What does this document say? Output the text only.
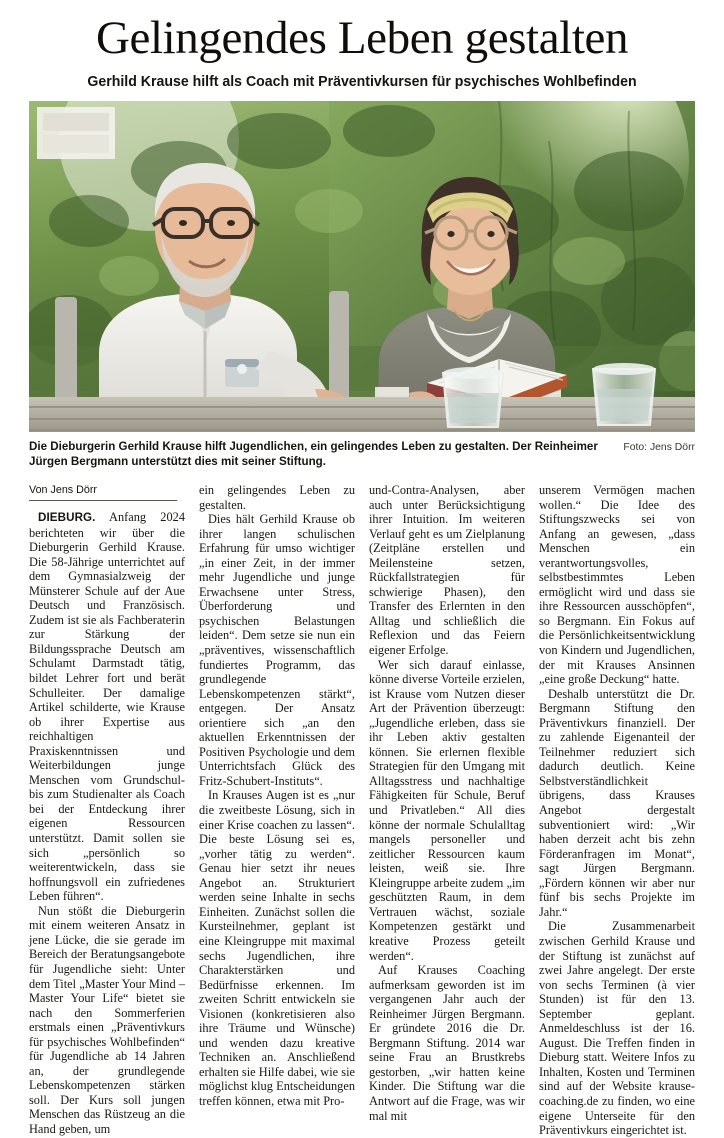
Gelingendes Leben gestalten
Gerhild Krause hilft als Coach mit Präventivkursen für psychisches Wohlbefinden
Foto: Jens Dörr
Die Dieburgerin Gerhild Krause hilft Jugendlichen, ein gelingendes Leben zu gestalten. Der Reinheimer Jürgen Bergmann unterstützt dies mit seiner Stiftung.
Von Jens Dörr

DIEBURG. Anfang 2024 berichteten wir über die Dieburgerin Gerhild Krause. Die 58-Jährige unterrichtet auf dem Gymnasialzweig der Münsterer Schule auf der Aue Deutsch und Französisch. Zudem ist sie als Fachberaterin zur Stärkung der Bildungssprache Deutsch am Schulamt Darmstadt tätig, bildet Lehrer fort und berät Schulleiter. Der damalige Artikel schilderte, wie Krause ob ihrer Expertise aus reichhaltigen Praxiskenntnissen und Weiterbildungen junge Menschen vom Grundschul- bis zum Studienalter als Coach bei der Entdeckung ihrer eigenen Ressourcen unterstützt. Damit sollen sie sich „persönlich so weiterentwickeln, dass sie hoffnungsvoll ein zufriedenes Leben führen“.

Nun stößt die Dieburgerin mit einem weiteren Ansatz in jene Lücke, die sie gerade im Bereich der Beratungsangebote für Jugendliche sieht: Unter dem Titel „Master Your Mind – Master Your Life“ bietet sie nach den Sommerferien erstmals einen „Präventivkurs für psychisches Wohlbefinden“ für Jugendliche ab 14 Jahren an, der grundlegende Lebenskompetenzen stärken soll. Der Kurs soll jungen Menschen das Rüstzeug an die Hand geben, um

ein gelingendes Leben zu gestalten.

Dies hält Gerhild Krause ob ihrer langen schulischen Erfahrung für umso wichtiger „in einer Zeit, in der immer mehr Jugendliche und junge Erwachsene unter Stress, Überforderung und psychischen Belastungen leiden“. Dem setze sie nun ein „präventives, wissenschaftlich fundiertes Programm, das grundlegende Lebenskompetenzen stärkt“, entgegen. Der Ansatz orientiere sich „an den aktuellen Erkenntnissen der Positiven Psychologie und dem Unterrichtsfach Glück des Fritz-Schubert-Instituts“.

In Krauses Augen ist es „nur die zweitbeste Lösung, sich in einer Krise coachen zu lassen“. Die beste Lösung sei es, „vorher tätig zu werden“. Genau hier setzt ihr neues Angebot an. Strukturiert werden seine Inhalte in sechs Einheiten. Zunächst sollen die Kursteilnehmer, geplant ist eine Kleingruppe mit maximal sechs Jugendlichen, ihre Charakterstärken und Bedürfnisse erkennen. Im zweiten Schritt entwickeln sie Visionen (konkretisieren also ihre Träume und Wünsche) und wenden dazu kreative Techniken an. Anschließend erhalten sie Hilfe dabei, wie sie möglichst klug Entscheidungen treffen können, etwa mit Pro-

und-Contra-Analysen, aber auch unter Berücksichtigung ihrer Intuition. Im weiteren Verlauf geht es um Zielplanung (Zeitpläne erstellen und Meilensteine setzen, Rückfallstrategien für schwierige Phasen), den Transfer des Erlernten in den Alltag und schließlich die Reflexion und das Feiern eigener Erfolge.

Wer sich darauf einlasse, könne diverse Vorteile erzielen, ist Krause vom Nutzen dieser Art der Prävention überzeugt: „Jugendliche erleben, dass sie ihr Leben aktiv gestalten können. Sie erlernen flexible Strategien für den Umgang mit Alltagsstress und nachhaltige Fähigkeiten für Schule, Beruf und Privatleben.“ All dies könne der normale Schulalltag mangels personeller und zeitlicher Ressourcen kaum leisten, weiß sie. Ihre Kleingruppe arbeite zudem „im geschützten Raum, in dem Vertrauen wächst, soziale Kompetenzen gestärkt und kreative Prozess geteilt werden“.

Auf Krauses Coaching aufmerksam geworden ist im vergangenen Jahr auch der Reinheimer Jürgen Bergmann. Er gründete 2016 die Dr. Bergmann Stiftung. 2014 war seine Frau an Brustkrebs gestorben, „wir hatten keine Kinder. Die Stiftung war die Antwort auf die Frage, was wir mal mit

unserem Vermögen machen wollen.“ Die Idee des Stiftungszwecks sei von Anfang an gewesen, „dass Menschen ein verantwortungsvolles, selbstbestimmtes Leben ermöglicht wird und dass sie ihre Ressourcen ausschöpfen“, so Bergmann. Ein Fokus auf die Persönlichkeitsentwicklung von Kindern und Jugendlichen, der mit Krauses Ansinnen „eine große Deckung“ hatte.

Deshalb unterstützt die Dr. Bergmann Stiftung den Präventivkurs finanziell. Der zu zahlende Eigenanteil der Teilnehmer reduziert sich dadurch deutlich. Keine Selbstverständlichkeit übrigens, dass Krauses Angebot dergestalt subventioniert wird: „Wir haben derzeit acht bis zehn Förderanfragen im Monat“, sagt Jürgen Bergmann. „Fördern können wir aber nur fünf bis sechs Projekte im Jahr.“

Die Zusammenarbeit zwischen Gerhild Krause und der Stiftung ist zunächst auf zwei Jahre angelegt. Der erste von sechs Terminen (à vier Stunden) ist für den 13. September geplant. Anmeldeschluss ist der 16. August. Die Treffen finden in Dieburg statt. Weitere Infos zu Inhalten, Kosten und Terminen sind auf der Website krause-coaching.de zu finden, wo eine eigene Unterseite für den Präventivkurs eingerichtet ist.
